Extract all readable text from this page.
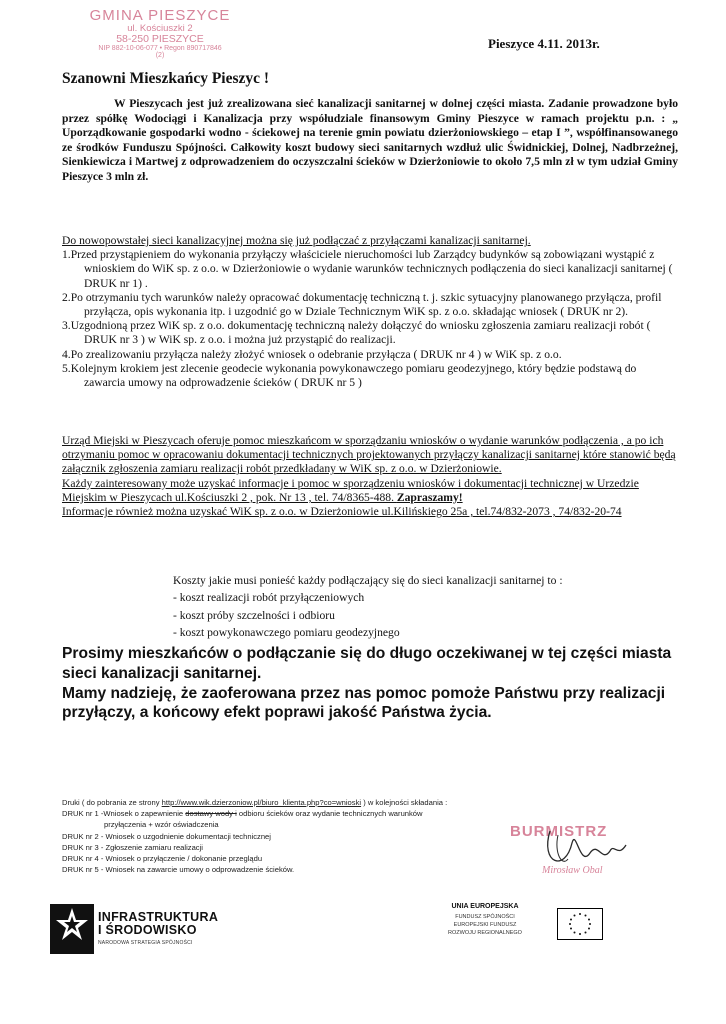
GMINA PIESZYCE
ul. Kościuszki 2
58-250 PIESZYCE
NIP 882-10-06-077 • Regon 890717846
(2)
Pieszyce 4.11. 2013r.
Szanowni Mieszkańcy Pieszyc !
W Pieszycach jest już zrealizowana sieć kanalizacji sanitarnej w dolnej części miasta. Zadanie prowadzone było przez spółkę Wodociągi i Kanalizacja przy współudziale finansowym Gminy Pieszyce w ramach projektu p.n. : „ Uporządkowanie gospodarki wodno - ściekowej na terenie gmin powiatu dzierżoniowskiego – etap I ”, współfinansowanego ze środków Funduszu Spójności. Całkowity koszt budowy sieci sanitarnych wzdłuż ulic Świdnickiej, Dolnej, Nadbrzeżnej, Sienkiewicza i Martwej z odprowadzeniem do oczyszczalni ścieków w Dzierżoniowie to około 7,5 mln zł w tym udział Gminy Pieszyce 3 mln zł.
Do nowopowstałej sieci kanalizacyjnej można się już podłączać z przyłączami kanalizacji sanitarnej.
1.Przed przystąpieniem do wykonania przyłączy właściciele nieruchomości lub Zarządcy budynków są zobowiązani wystąpić z wnioskiem do WiK sp. z o.o. w Dzierżoniowie o wydanie warunków technicznych podłączenia do sieci kanalizacji sanitarnej ( DRUK nr 1) .
2.Po otrzymaniu tych warunków należy opracować dokumentację techniczną t. j. szkic sytuacyjny planowanego przyłącza, profil przyłącza, opis wykonania itp. i uzgodnić go w Dziale Technicznym WiK sp. z o.o. składając wniosek ( DRUK nr 2).
3.Uzgodnioną przez WiK sp. z o.o. dokumentację techniczną należy dołączyć do wniosku zgłoszenia zamiaru realizacji robót ( DRUK nr 3 ) w WiK sp. z o.o. i można już przystąpić do realizacji.
4.Po zrealizowaniu przyłącza należy złożyć wniosek o odebranie przyłącza ( DRUK nr 4 ) w WiK sp. z o.o.
5.Kolejnym krokiem jest zlecenie geodecie wykonania powykonawczego pomiaru geodezyjnego, który będzie podstawą do zawarcia umowy na odprowadzenie ścieków ( DRUK nr 5 )
Urząd Miejski w Pieszycach oferuje pomoc mieszkańcom w sporządzaniu wniosków o wydanie warunków podłączenia , a po ich otrzymaniu pomoc w opracowaniu dokumentacji technicznych projektowanych przyłączy kanalizacji sanitarnej które stanowić będą załącznik zgłoszenia zamiaru realizacji robót przedkładany w WiK sp. z o.o. w Dzierżoniowie.
Każdy zainteresowany może uzyskać informacje i pomoc w sporządzeniu wniosków i dokumentacji technicznej w Urzedzie Miejskim w Pieszycach ul.Kościuszki 2 , pok. Nr 13 , tel. 74/8365-488. Zapraszamy!
Informacje również można uzyskać WiK sp. z o.o. w Dzierżoniowie ul.Kilińskiego 25a , tel.74/832-2073 , 74/832-20-74
Koszty jakie musi ponieść każdy podłączający się do sieci kanalizacji sanitarnej to :
- koszt realizacji robót przyłączeniowych
- koszt próby szczelności i odbioru
- koszt powykonawczego pomiaru geodezyjnego

Prosimy mieszkańców o podłączanie się do długo oczekiwanej w tej części miasta sieci kanalizacji sanitarnej.

Mamy nadzieję, że zaoferowana przez nas pomoc pomoże Państwu przy realizacji przyłączy, a końcowy efekt poprawi jakość Państwa życia.

Druki ( do pobrania ze strony http://www.wik.dzierzoniow.pl/biuro_klienta.php?co=wnioski ) w kolejności składania :
DRUK nr 1 -Wniosek o zapewnienie dostawy wody i odbioru ścieków oraz wydanie technicznych warunków
przyłączenia + wzór oświadczenia
DRUK nr 2 - Wniosek o uzgodnienie dokumentacji technicznej
DRUK nr 3 - Zgłoszenie zamiaru realizacji
DRUK nr 4 - Wniosek o przyłączenie / dokonanie przeglądu
DRUK nr 5 - Wniosek na zawarcie umowy o odprowadzenie ścieków.
BURMISTRZ
Mirosław Obal
INFRASTRUKTURA
I ŚRODOWISKO
NARODOWA STRATEGIA SPÓJNOŚCI
UNIA EUROPEJSKA
FUNDUSZ SPÓJNOŚCI
EUROPEJSKI FUNDUSZ
ROZWOJU REGIONALNEGO
